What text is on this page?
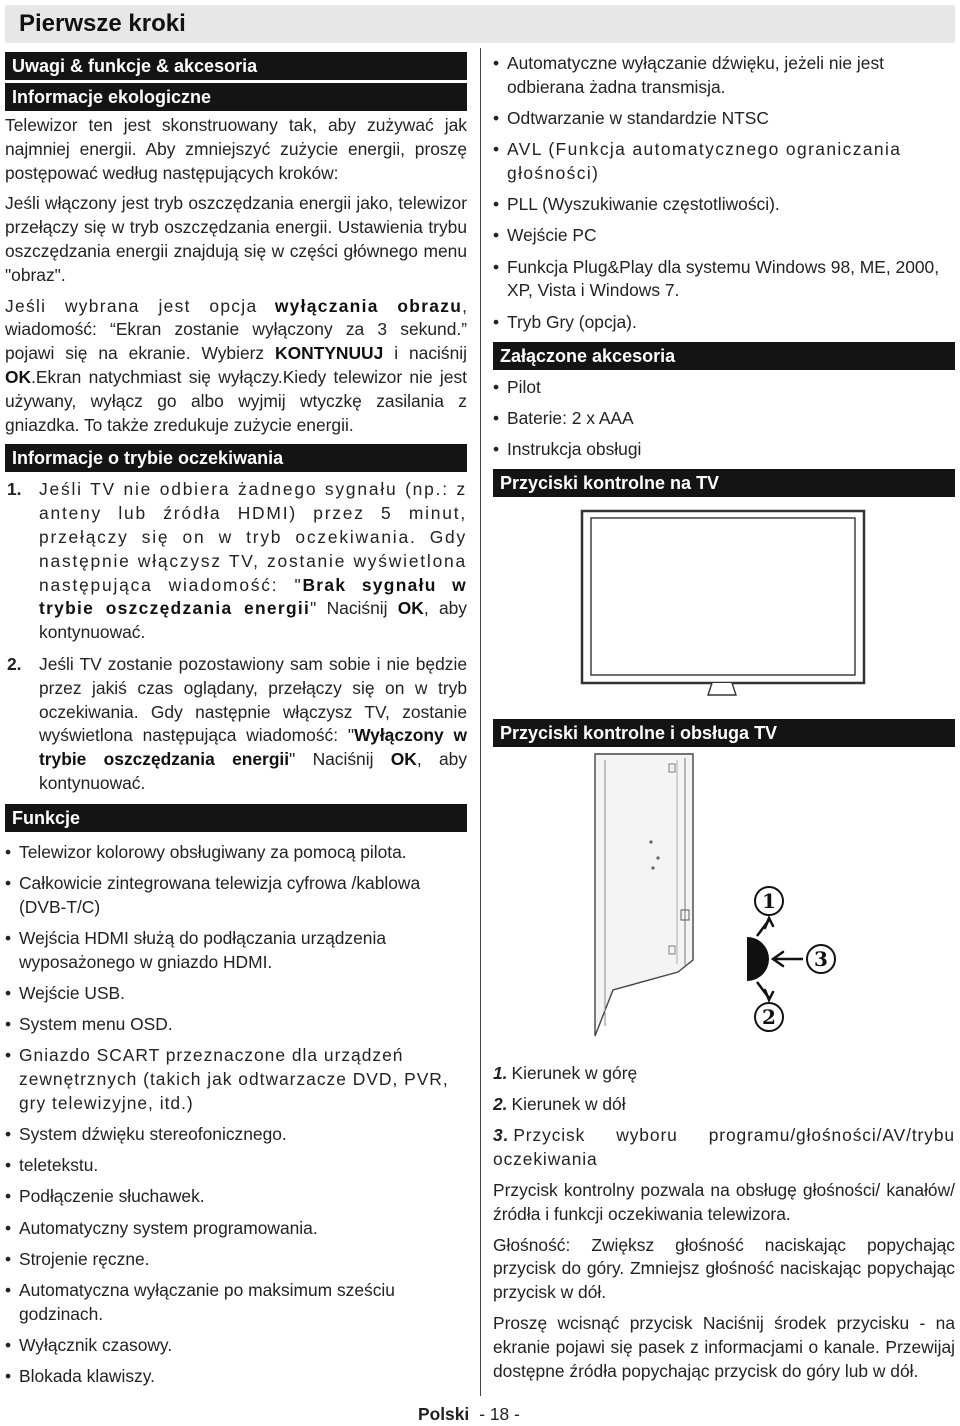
Pierwsze kroki
Uwagi & funkcje & akcesoria
Informacje ekologiczne
Telewizor ten jest skonstruowany tak, aby zużywać jak najmniej energii. Aby zmniejszyć zużycie energii, proszę postępować według następujących kroków:
Jeśli włączony jest tryb oszczędzania energii jako, telewizor przełączy się w tryb oszczędzania energii. Ustawienia trybu oszczędzania energii znajdują się w części głównego menu "obraz".
Jeśli wybrana jest opcja wyłączania obrazu, wiadomość: “Ekran zostanie wyłączony za 3 sekund.” pojawi się na ekranie. Wybierz KONTYNUUJ i naciśnij OK.Ekran natychmiast się wyłączy.Kiedy telewizor nie jest używany, wyłącz go albo wyjmij wtyczkę zasilania z gniazdka. To także zredukuje zużycie energii.
Informacje o trybie oczekiwania
1. Jeśli TV nie odbiera żadnego sygnału (np.: z anteny lub źródła HDMI) przez 5 minut, przełączy się on w tryb oczekiwania. Gdy następnie włączysz TV, zostanie wyświetlona następująca wiadomość: "Brak sygnału w trybie oszczędzania energii" Naciśnij OK, aby kontynuować.
2. Jeśli TV zostanie pozostawiony sam sobie i nie będzie przez jakiś czas oglądany, przełączy się on w tryb oczekiwania. Gdy następnie włączysz TV, zostanie wyświetlona następująca wiadomość: "Wyłączony w trybie oszczędzania energii" Naciśnij OK, aby kontynuować.
Funkcje
• Telewizor kolorowy obsługiwany za pomocą pilota.
• Całkowicie zintegrowana telewizja cyfrowa /kablowa (DVB-T/C)
• Wejścia HDMI służą do podłączania urządzenia wyposażonego w gniazdo HDMI.
• Wejście USB.
• System menu OSD.
• Gniazdo SCART przeznaczone dla urządzeń zewnętrznych (takich jak odtwarzacze DVD, PVR, gry telewizyjne, itd.)
• System dźwięku stereofonicznego.
• teletekstu.
• Podłączenie słuchawek.
• Automatyczny system programowania.
• Strojenie ręczne.
• Automatyczna wyłączanie po maksimum sześciu godzinach.
• Wyłącznik czasowy.
• Blokada klawiszy.
• Automatyczne wyłączanie dźwięku, jeżeli nie jest odbierana żadna transmisja.
• Odtwarzanie w standardzie NTSC
• AVL (Funkcja automatycznego ograniczania głośności)
• PLL (Wyszukiwanie częstotliwości).
• Wejście PC
• Funkcja Plug&Play dla systemu Windows 98, ME, 2000, XP, Vista i Windows 7.
• Tryb Gry (opcja).
Załączone akcesoria
• Pilot
• Baterie: 2 x AAA
• Instrukcja obsługi
Przyciski kontrolne na TV
Przyciski kontrolne i obsługa TV
1
2
3
1. Kierunek w górę
2. Kierunek w dół
3. Przycisk wyboru programu/głośności/AV/trybu oczekiwania
Przycisk kontrolny pozwala na obsługę głośności/ kanałów/ źródła i funkcji oczekiwania telewizora.
Głośność: Zwiększ głośność naciskając popychając przycisk do góry. Zmniejsz głośność naciskając popychając przycisk w dół.
Proszę wcisnąć przycisk Naciśnij środek przycisku - na ekranie pojawi się pasek z informacjami o kanale. Przewijaj dostępne źródła popychając przycisk do góry lub w dół.
Polski - 18 -
